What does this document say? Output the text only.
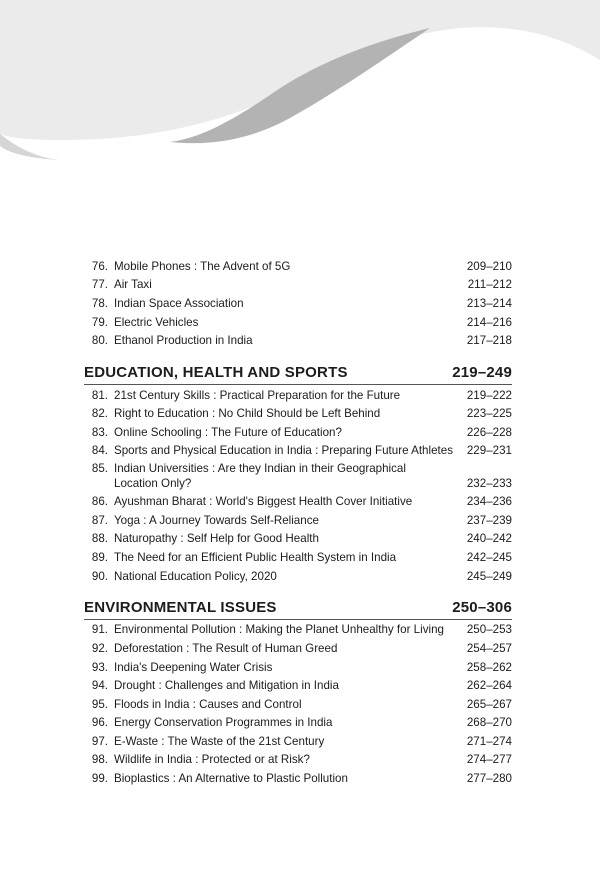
76. Mobile Phones : The Advent of 5G	209–210
77. Air Taxi	211–212
78. Indian Space Association	213–214
79. Electric Vehicles	214–216
80. Ethanol Production in India	217–218
EDUCATION, HEALTH AND SPORTS	219–249
81. 21st Century Skills : Practical Preparation for the Future	219–222
82. Right to Education : No Child Should be Left Behind	223–225
83. Online Schooling : The Future of Education?	226–228
84. Sports and Physical Education in India : Preparing Future Athletes	229–231
85. Indian Universities : Are they Indian in their Geographical Location Only?	232–233
86. Ayushman Bharat : World's Biggest Health Cover Initiative	234–236
87. Yoga : A Journey Towards Self-Reliance	237–239
88. Naturopathy : Self Help for Good Health	240–242
89. The Need for an Efficient Public Health System in India	242–245
90. National Education Policy, 2020	245–249
ENVIRONMENTAL ISSUES	250–306
91. Environmental Pollution : Making the Planet Unhealthy for Living	250–253
92. Deforestation : The Result of Human Greed	254–257
93. India's Deepening Water Crisis	258–262
94. Drought : Challenges and Mitigation in India	262–264
95. Floods in India : Causes and Control	265–267
96. Energy Conservation Programmes in India	268–270
97. E-Waste : The Waste of the 21st Century	271–274
98. Wildlife in India : Protected or at Risk?	274–277
99. Bioplastics : An Alternative to Plastic Pollution	277–280
